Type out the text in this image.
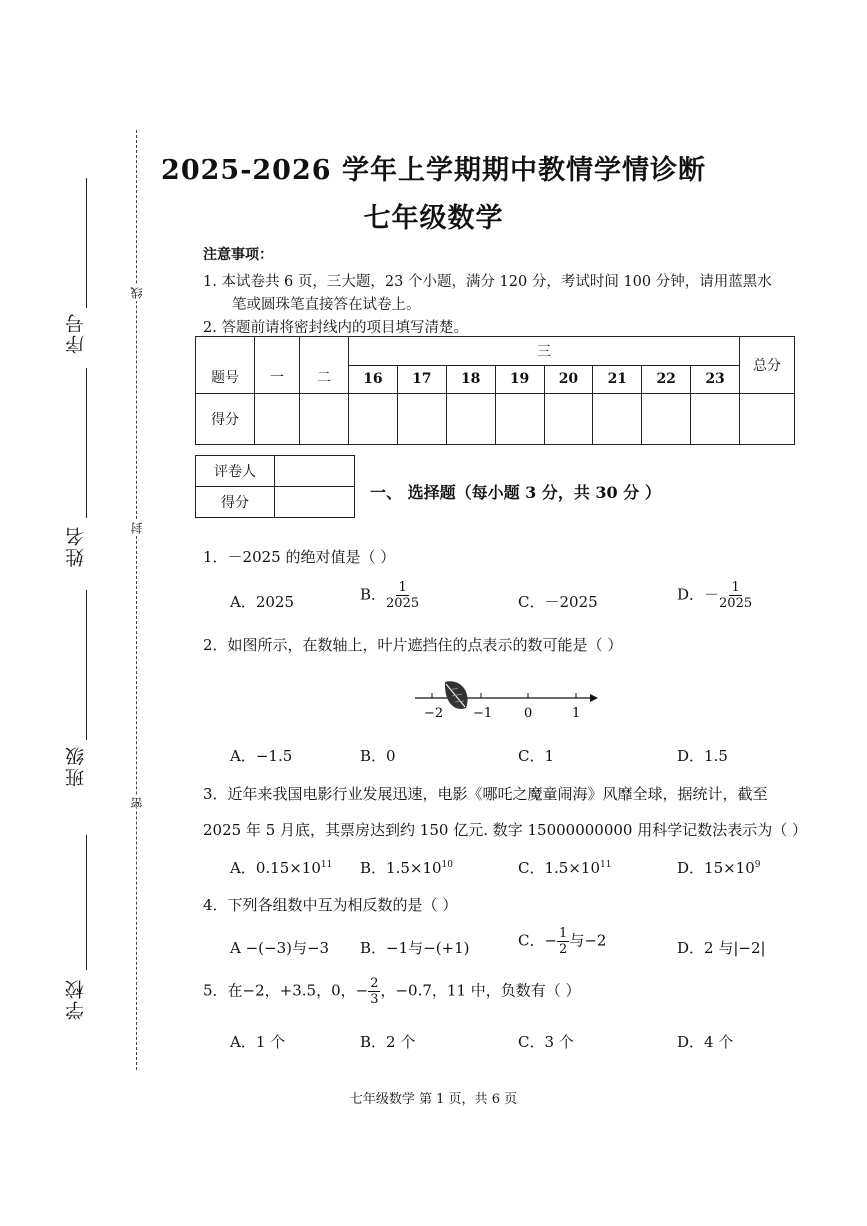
线
封
密
序号
姓名
班级
学校
2025-2026 学年上学期期中教情学情诊断
七年级数学
注意事项：
1. 本试卷共 6 页，三大题，23 个小题，满分 120 分，考试时间 100 分钟，请用蓝黑水
笔或圆珠笔直接答在试卷上。
2. 答题前请将密封线内的项目填写清楚。
题号	一	二	三								总分
			16	17	18	19	20	21	22	23	
得分											
评卷人	
得分	
一、 选择题（每小题 3 分，共 30 分 ）
1．－2025 的绝对值是（ ）
A．2025	B． $\frac{1}{2025}$	C．－2025	D．－ $\frac{1}{2025}$
2．如图所示，在数轴上，叶片遮挡住的点表示的数可能是（ ）
−2 −1 0	1
A．−1.5	B．0	C．1	D．1.5
3．近年来我国电影行业发展迅速，电影《哪吒之魔童闹海》风靡全球，据统计，截至
2025 年 5 月底，其票房达到约 150 亿元. 数字 15000000000 用科学记数法表示为（ ）
A．$0.15\times 10^{11}$ B．$1.5\times 10^{10}$	C．$1.5\times 10^{11}$	D．$15\times 10^9$
4．下列各组数中互为相反数的是（ ）
A −(−3)与−3 B．−1与−(+1)	C．− $\frac{1}{2}$ 与−2	D．2 与|−2|
5．在−2，+3.5，0，− $\frac{2}{3}$ ，−0.7，11 中，负数有（ ）
A．1 个	B．2 个	C．3 个	D．4 个
七年级数学 第 1 页，共 6 页
